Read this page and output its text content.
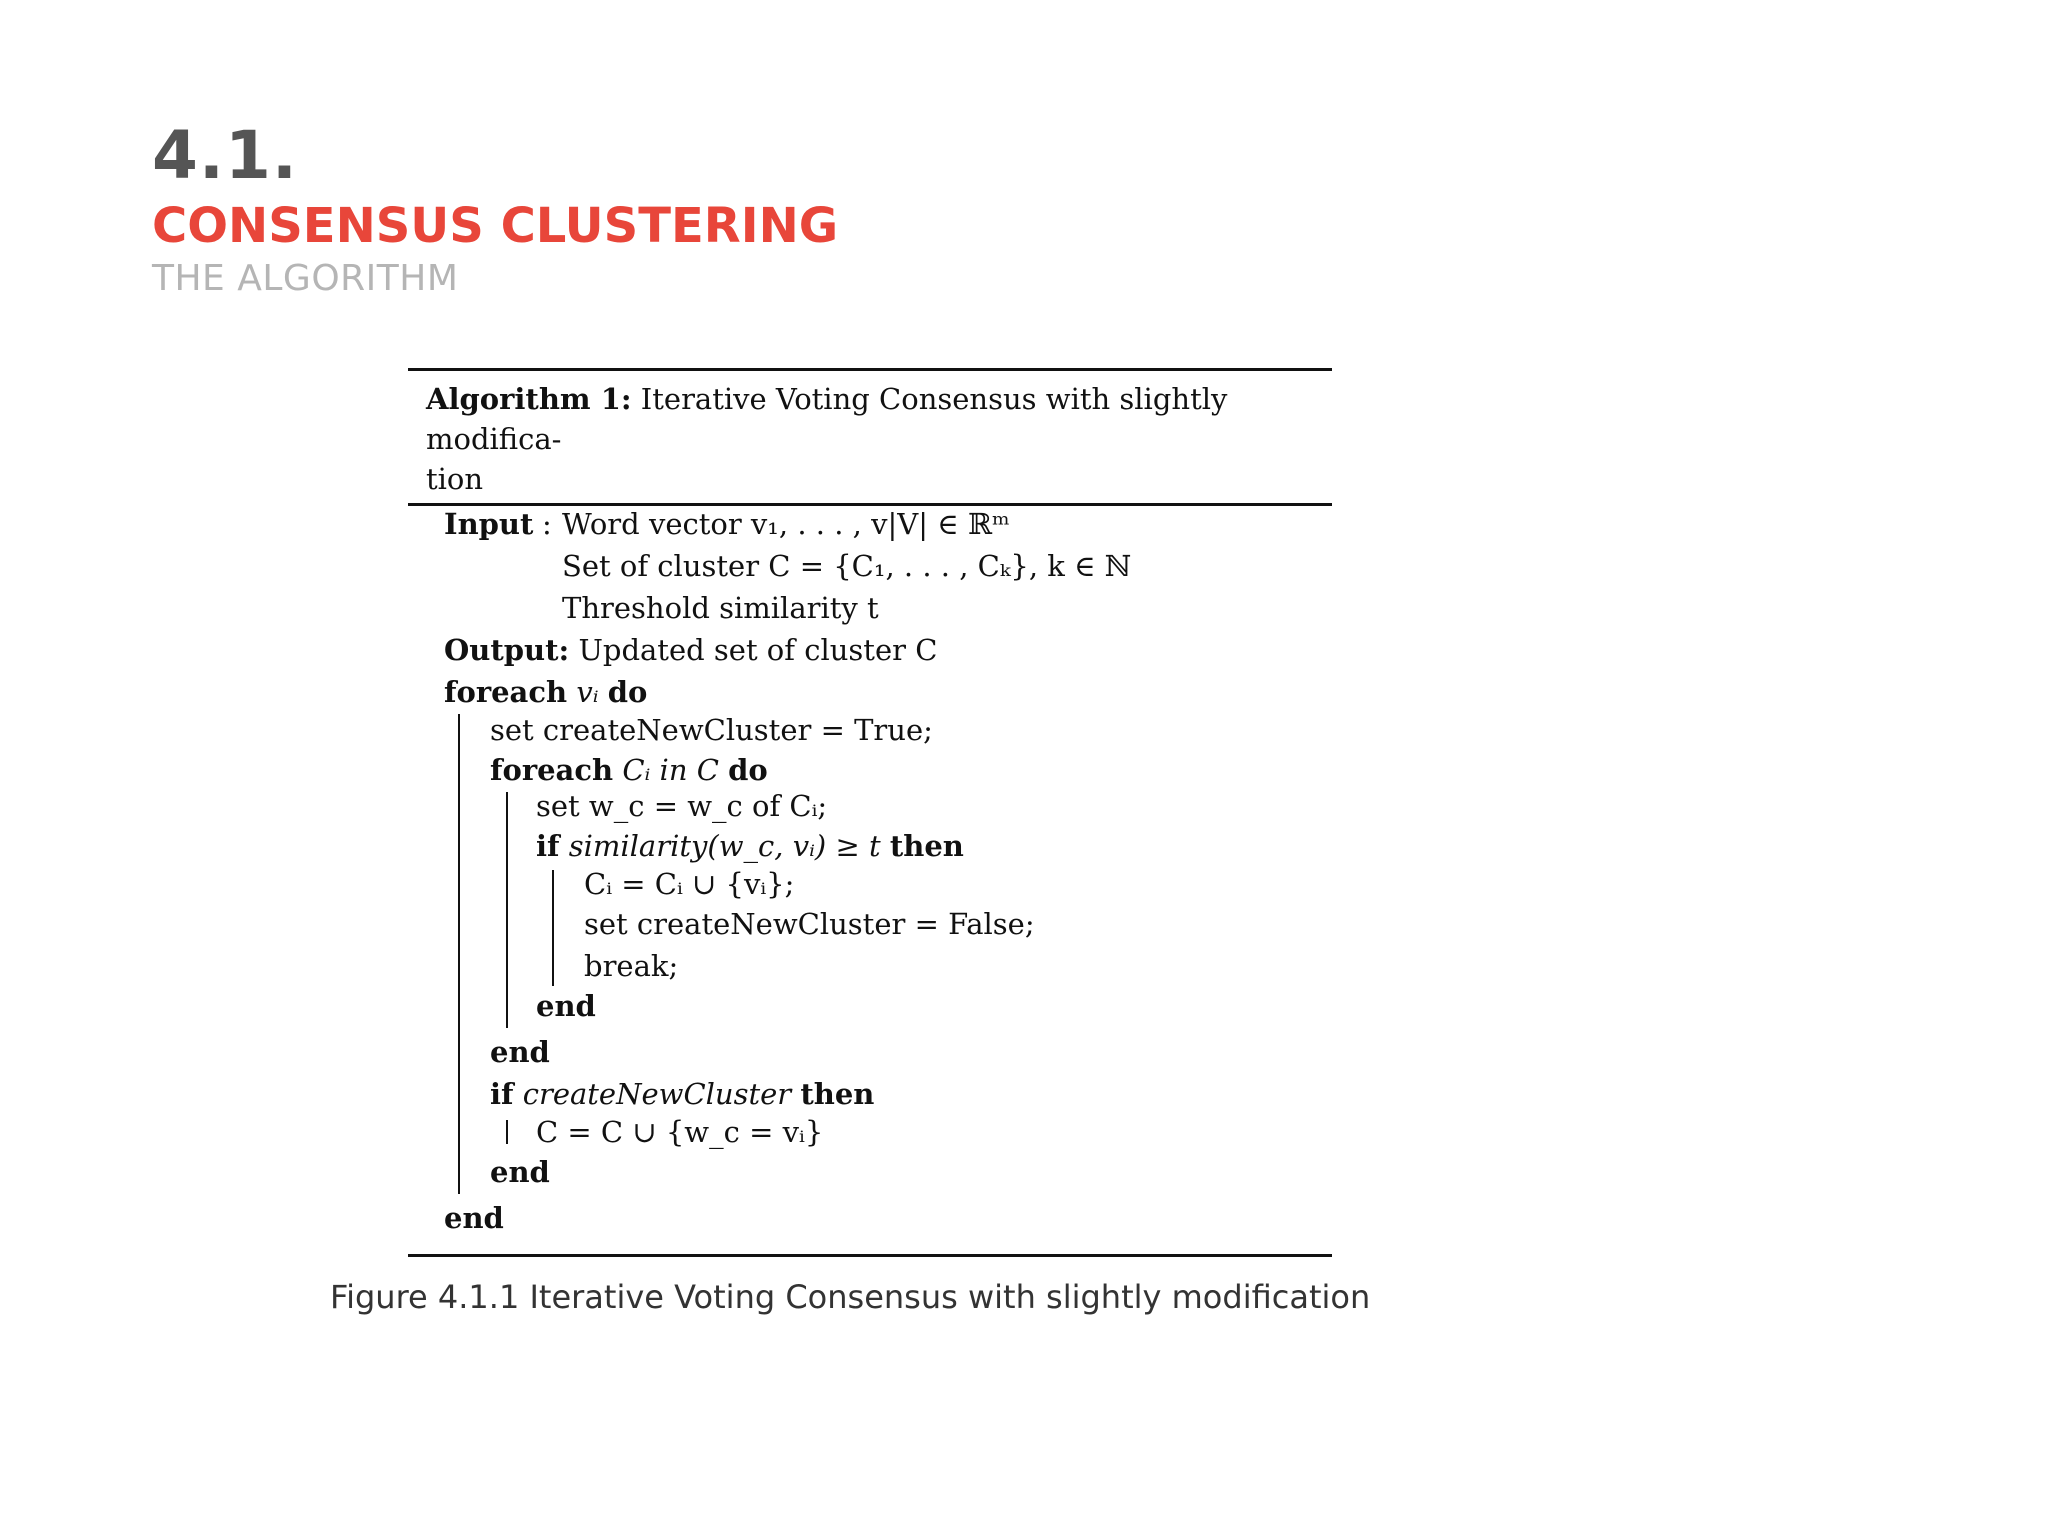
4.1.
CONSENSUS CLUSTERING
THE ALGORITHM
Algorithm 1: Iterative Voting Consensus with slightly modifica-
tion
Input : Word vector v₁, . . . , v|V| ∈ ℝᵐ
Set of cluster C = {C₁, . . . , Cₖ}, k ∈ ℕ
Threshold similarity t
Output: Updated set of cluster C
foreach vᵢ do
set createNewCluster = True;
foreach Cᵢ in C do
set w_c = w_c of Cᵢ;
if similarity(w_c, vᵢ) ≥ t then
Cᵢ = Cᵢ ∪ {vᵢ};
set createNewCluster = False;
break;
end
end
if createNewCluster then
C = C ∪ {w_c = vᵢ}
end
end
Figure 4.1.1 Iterative Voting Consensus with slightly modification
